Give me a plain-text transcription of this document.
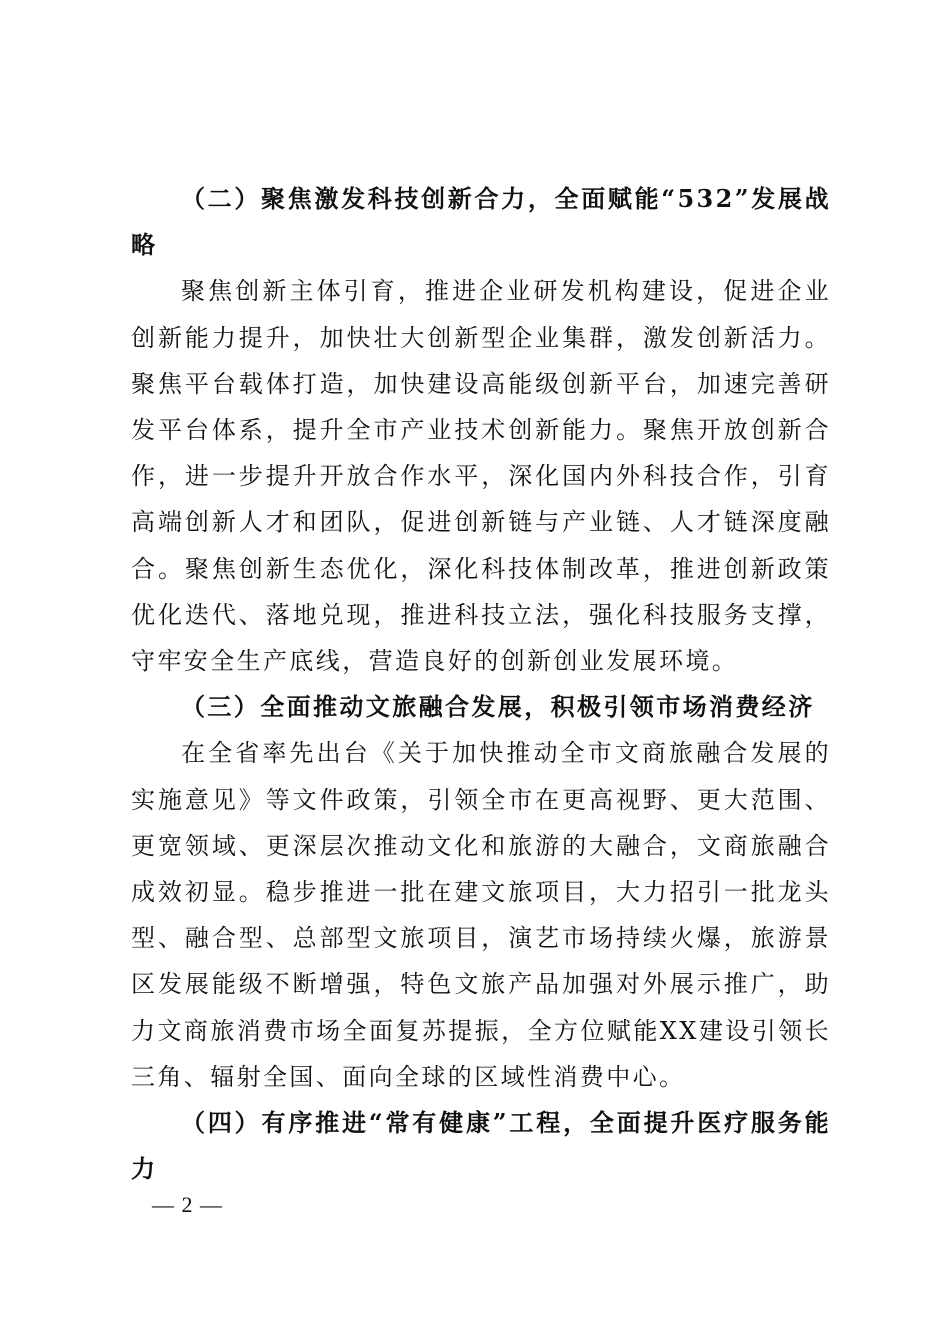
（二）聚焦激发科技创新合力，全面赋能“532”发展战略

聚焦创新主体引育，推进企业研发机构建设，促进企业创新能力提升，加快壮大创新型企业集群，激发创新活力。聚焦平台载体打造，加快建设高能级创新平台，加速完善研发平台体系，提升全市产业技术创新能力。聚焦开放创新合作，进一步提升开放合作水平，深化国内外科技合作，引育高端创新人才和团队，促进创新链与产业链、人才链深度融合。聚焦创新生态优化，深化科技体制改革，推进创新政策优化迭代、落地兑现，推进科技立法，强化科技服务支撑，守牢安全生产底线，营造良好的创新创业发展环境。

（三）全面推动文旅融合发展，积极引领市场消费经济

在全省率先出台《关于加快推动全市文商旅融合发展的实施意见》等文件政策，引领全市在更高视野、更大范围、更宽领域、更深层次推动文化和旅游的大融合，文商旅融合成效初显。稳步推进一批在建文旅项目，大力招引一批龙头型、融合型、总部型文旅项目，演艺市场持续火爆，旅游景区发展能级不断增强，特色文旅产品加强对外展示推广，助力文商旅消费市场全面复苏提振，全方位赋能XX建设引领长三角、辐射全国、面向全球的区域性消费中心。

（四）有序推进“常有健康”工程，全面提升医疗服务能力

— 2 —
